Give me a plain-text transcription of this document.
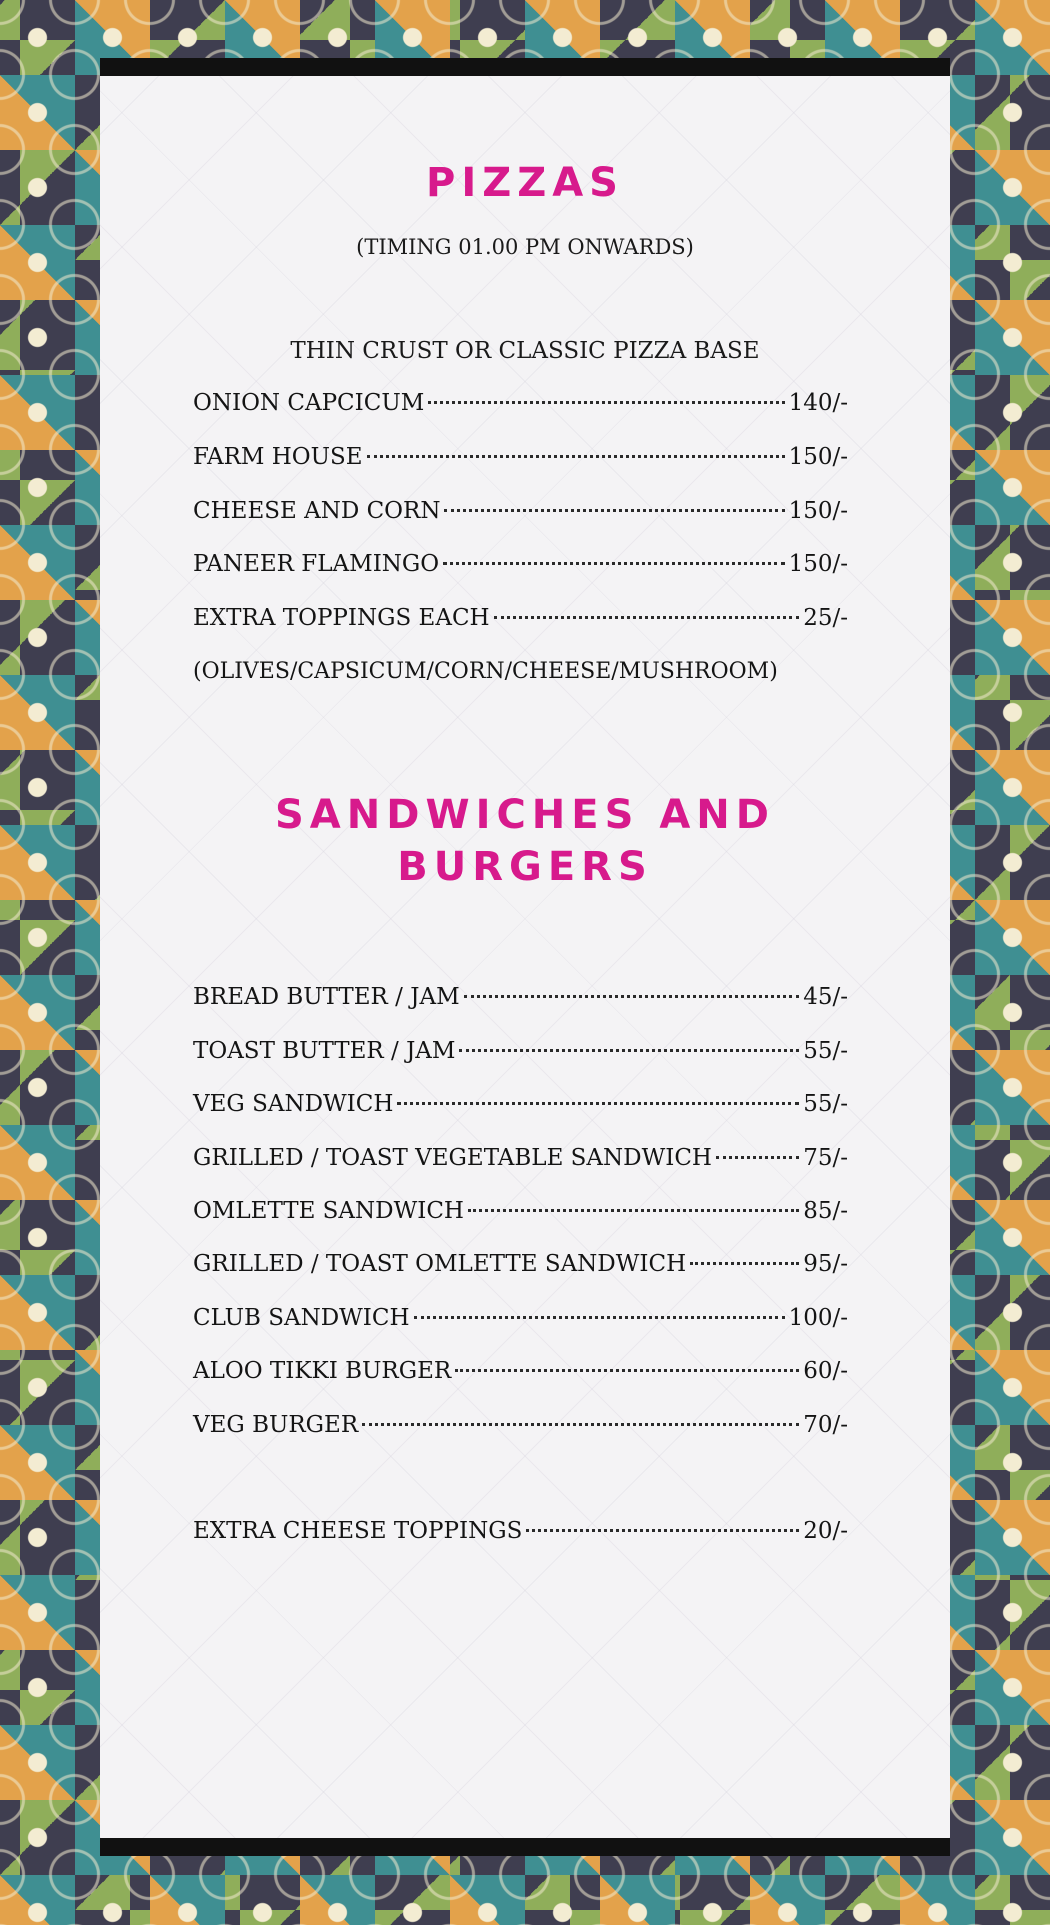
PIZZAS

(TIMING 01.00 PM ONWARDS)

THIN CRUST OR CLASSIC PIZZA BASE

ONION CAPCICUM	140/-
FARM HOUSE	150/-
CHEESE AND CORN	150/-
PANEER FLAMINGO	150/-
EXTRA TOPPINGS EACH	25/-

(OLIVES/CAPSICUM/CORN/CHEESE/MUSHROOM)

SANDWICHES AND
BURGERS
BREAD BUTTER / JAM	45/-
TOAST BUTTER / JAM	55/-
VEG SANDWICH	55/-
GRILLED / TOAST VEGETABLE SANDWICH	75/-
OMLETTE SANDWICH	85/-
GRILLED / TOAST OMLETTE SANDWICH	95/-
CLUB SANDWICH	100/-
ALOO TIKKI BURGER	60/-
VEG BURGER	70/-
EXTRA CHEESE TOPPINGS	20/-
